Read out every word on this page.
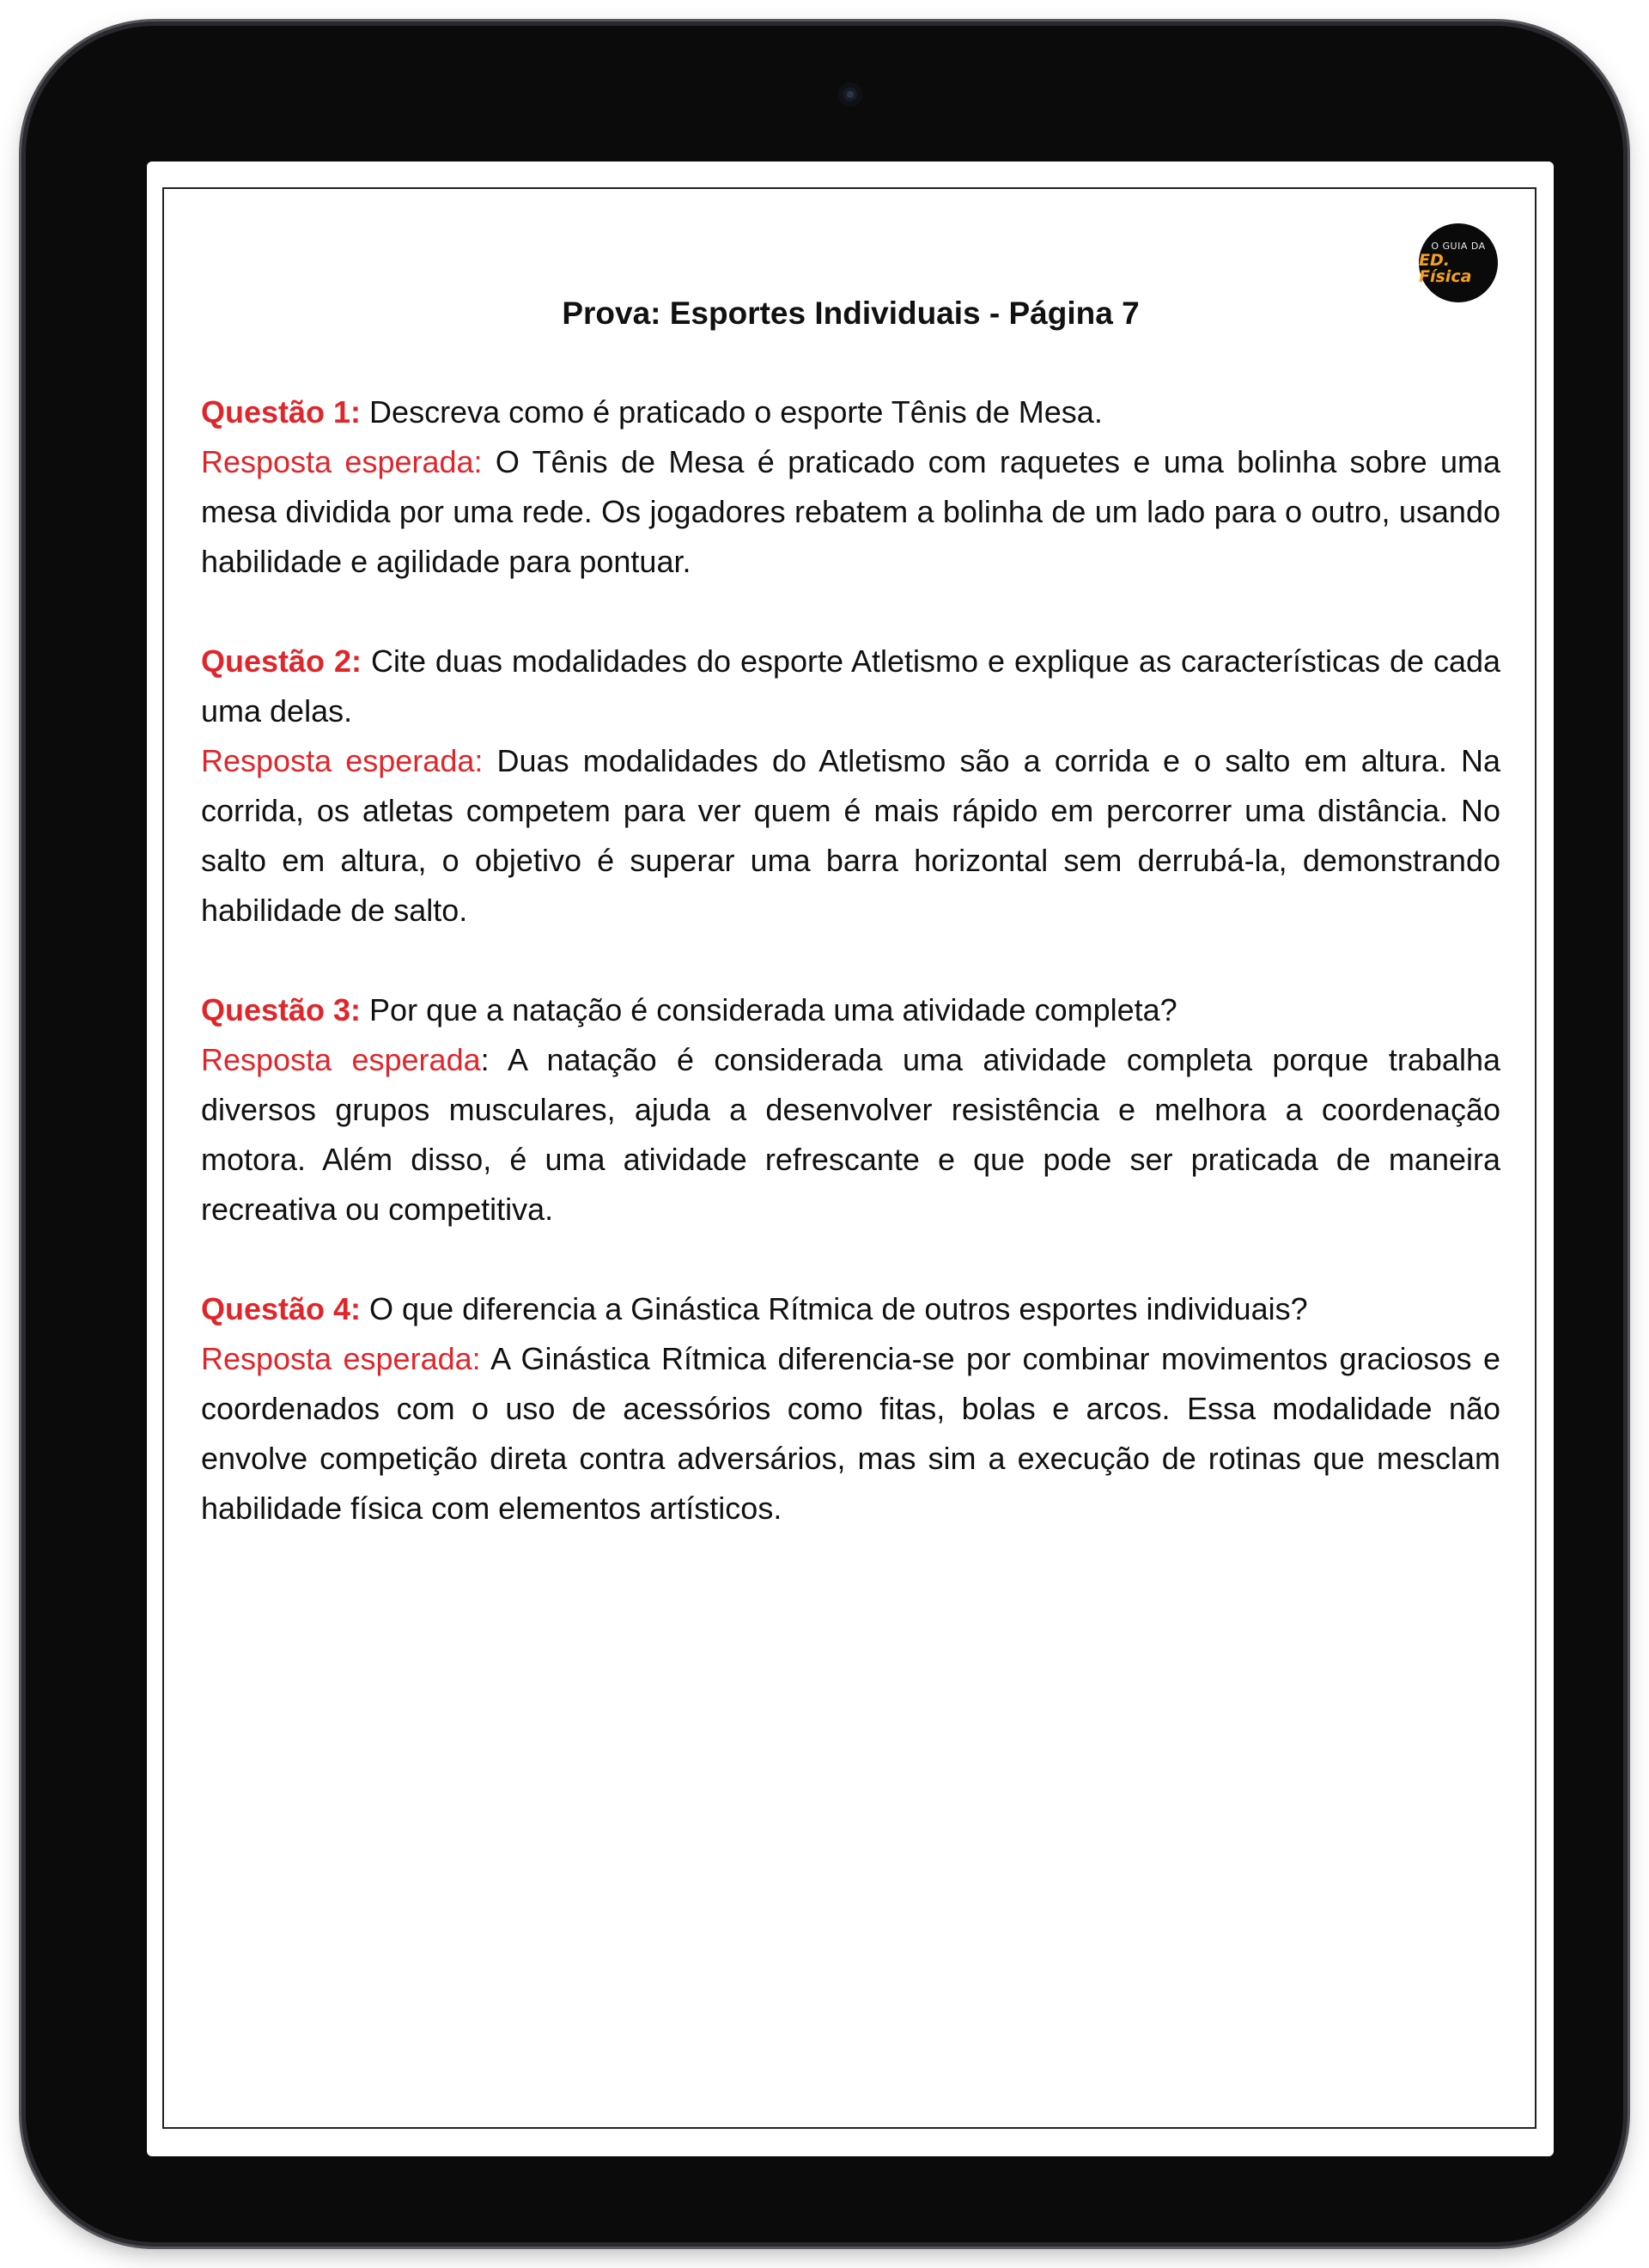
O GUIA DA
ED. Física

Prova: Esportes Individuais - Página 7

Questão 1: Descreva como é praticado o esporte Tênis de Mesa.

Resposta esperada: O Tênis de Mesa é praticado com raquetes e uma bolinha sobre uma mesa dividida por uma rede. Os jogadores rebatem a bolinha de um lado para o outro, usando habilidade e agilidade para pontuar.

Questão 2: Cite duas modalidades do esporte Atletismo e explique as características de cada uma delas.

Resposta esperada: Duas modalidades do Atletismo são a corrida e o salto em altura. Na corrida, os atletas competem para ver quem é mais rápido em percorrer uma distância. No salto em altura, o objetivo é superar uma barra horizontal sem derrubá-la, demonstrando habilidade de salto.

Questão 3: Por que a natação é considerada uma atividade completa?

Resposta esperada: A natação é considerada uma atividade completa porque trabalha diversos grupos musculares, ajuda a desenvolver resistência e melhora a coordenação motora. Além disso, é uma atividade refrescante e que pode ser praticada de maneira recreativa ou competitiva.

Questão 4: O que diferencia a Ginástica Rítmica de outros esportes individuais?

Resposta esperada: A Ginástica Rítmica diferencia-se por combinar movimentos graciosos e coordenados com o uso de acessórios como fitas, bolas e arcos. Essa modalidade não envolve competição direta contra adversários, mas sim a execução de rotinas que mesclam habilidade física com elementos artísticos.
